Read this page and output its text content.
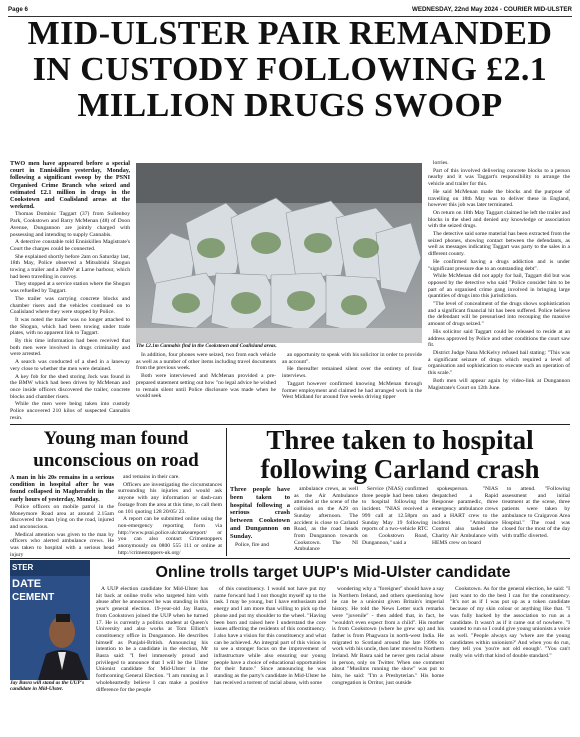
Page 6	WEDNESDAY, 22nd May 2024 - COURIER MID-ULSTER
MID-ULSTER PAIR REMANDED IN CUSTODY FOLLOWING £2.1 MILLION DRUGS SWOOP

TWO men have appeared before a special court in Enniskillen yesterday, Monday, following a significant swoop by the PSNI Organised Crime Branch who seized and estimated £2.1 million in drugs in the Cookstown and Coalisland areas at the weekend.

Thomas Dominic Taggart (37) from Sullenboy Park, Cookstown and Barry McMenan (48) of Doon Avenue, Dungannon are jointly charged with possessing and intending to supply Cannabis.

A detective constable told Enniskillen Magistrate's Court the charges could be connected.

She explained shortly before 2am on Saturday last, 18th May, Police observed a Mitsubishi Shogun towing a trailer and a BMW at Larne harbour, which had been travelling in convoy.

They stopped at a service station where the Shogun was refuelled by Taggart.

The trailer was carrying concrete blocks and chamber risers and the vehicles continued on to Coalisland where they were stopped by Police.

It was noted the trailer was no longer attached to the Shogun, which had been towing under trade plates, with no apparent link to Taggart.

By this time information had been received that both men were involved in drugs criminality and were arrested.

A search was conducted of a shed in a laneway very close to whether the men were detained.

A key fob for the shed storing Jock was found in the BMW which had been driven by McMenan and once inside officers discovered the trailer, concrete blocks and chamber risers.

While the men were being taken into custody Police uncovered 210 kilos of suspected Cannabis resin.

The £2.1m Cannabis find in the Cookstown and Coalisland areas.

In addition, four phones were seized, two from each vehicle as well as a number of other items including travel documents from the previous week.

Both were interviewed and McMenan provided a pre-prepared statement setting out how "no legal advice he wished to remain silent until Police disclosure was made when he would seek

an opportunity to speak with his solicitor in order to provide an account".

He thereafter remained silent over the entirety of four interviews.

Taggart however confirmed knowing McMenan through former employment and claimed he had arranged work in the West Midland for around five weeks driving tipper

lorries.

Part of this involved delivering concrete blocks to a person nearby and it was Taggart's responsibility to arrange the vehicle and trailer for this.

He said McMenan made the blocks and the purpose of travelling on 18th May was to deliver these in England, however this job was later terminated.

On return on 18th May Taggart claimed he left the trailer and blocks in the shed and denied any knowledge or association with the seized drugs.

The detective said some material has been extracted from the seized phones, showing contact between the defendants, as well as messages indicating Taggart was party to the sales in a different county.

He confirmed having a drugs addiction and is under "significant pressure due to an outstanding debt".

While McMenan did not apply for bail, Taggart did but was opposed by the detective who said "Police consider him to be part of an organised crime gang involved in bringing large quantities of drugs into this jurisdiction.

"The level of concealment of the drugs shows sophistication and a significant financial hit has been suffered. Police believe the defendant will be pressurised into recouping the massive amount of drugs seized."

His solicitor said Taggart could be released to reside at an address approved by Police and other conditions the court saw fit.

District Judge Nana McKelvy refused bail stating: "This was a significant seizure of drugs which required a level of organisation and sophistication to execute such an operation of this scale."

Both men will appear again by video-link at Dungannon Magistrate's Court on 12th June.

Young man found unconscious on road

A man in his 20s remains in a serious condition in hospital after he was found collapsed in Magherafelt in the early hours of yesterday, Monday.

Police officers on mobile patrol in the Moneymore Road area at around 2.15am discovered the man lying on the road, injured and unconscious.

Medical attention was given to the man by officers who alerted ambulance crews. He was taken to hospital with a serious head injury

and remains in their care.

Officers are investigating the circumstances surrounding his injuries and would ask anyone with any information or dash-cam footage from the area at this time, to call them on 101 quoting 128 20/05/ 23.

A report can be submitted online using the non-emergency reporting form via http://www.psni.police.uk/makeareport/ or you can also contact Crimestoppers anonymously on 0800 555 111 or online at http://crimestoppers-uk.org/

Three taken to hospital following Carland crash

Three people have been taken to hospital following a serious crash between Cookstown and Dungannon on Sunday.

Police, fire and

ambulance crews, as well as the Air Ambulance attended at the scene of the collision on the A29 on Sunday afternoon. The accident is close to Carland Road, as the road heads from Dungannon towards Cookstown. The NI Ambulance

Service (NIAS) confirmed three people had been taken to hospital following the incident. "NIAS received a 999 call at 12.58pm on Sunday May 19 following reports of a two-vehicle RTC on Cookstown Road, Dungannon," said a

spokesperson. "NIAS despatched a Rapid Response paramedic, three emergency ambulance crews and a HART crew to the incident. "Ambulance Control also tasked the Charity Air Ambulance with HEMS crew on board

to attend. "Following assessment and initial treatment at the scene, three patients were taken by ambulance to Craigavon Area Hospital." The road was closed for the most of the day with traffic diverted.

STER
DATE
CEMENT
Jay Basra will stand as the UUP's candidate in Mid-Ulster.
Online trolls target UUP's Mid-Ulster candidate

A UUP election candidate for Mid-Ulster has hit back at online trolls who targeted him with abuse after he announced he was standing in this year's general election. 19-year-old Jay Basra, from Cookstown joined the UUP when he turned 17. He is currently a politics student at Queen's University and also works at Tom Elliott's constituency office in Dungannon. He describes himself as Punjabi-British. Announcing his intention to be a candidate in the election, Mr Basra said: "I feel immensely proud and privileged to announce that I will be the Ulster Unionist candidate for Mid-Ulster in the forthcoming General Election. "I am running as I wholeheartedly believe I can make a positive difference for the people

of this constituency. I would not have put my name forward had I not thought myself up to the task. I may be young, but I have enthusiasm and energy and I am more than willing to pick up the phone and put my shoulder to the wheel. "Having been born and raised here I understand the core issues affecting the residents of this constituency. I also have a vision for this constituency and what can be achieved. An integral part of this vision is to see a stronger focus on the improvement of infrastructure while also ensuring our young people have a choice of educational opportunities for their future." Since announcing he was standing as the party's candidate in Mid-Ulster he has received a torrent of racial abuse, with some

wondering why a "foreigner" should have a say in Northern Ireland, and others questioning how he can be a unionist given Britain's imperial history. He told the News Letter such remarks were "juvenile" - then added that, in fact, he "wouldn't even expect from a child". His mother is from Cookstown (where he grew up) and his father is from Phagwara in north-west India. He migrated to Scotland around the late 1990s to work with his uncle, then later moved to Northern Ireland. Mr Basra said he never gets racial abuse in person, only on Twitter. When one comment about "Muslims running the show" was put to him, he said: "I'm a Presbyterian." His home congregation is Orritor, just outside

Cookstown. As for the general election, he said: "I just want to do the best I can for the constituency. "It's not as if I was put up as a token candidate because of my skin colour or anything like that. "I was fully backed by the association to run as a candidate. It wasn't as if it came out of nowhere. "I wanted to run so I could give young unionists a voice as well. "People always say 'where are the young candidates within unionism?' And when you do run, they tell you 'you're not old enough'. "You can't really win with that kind of double standard."
